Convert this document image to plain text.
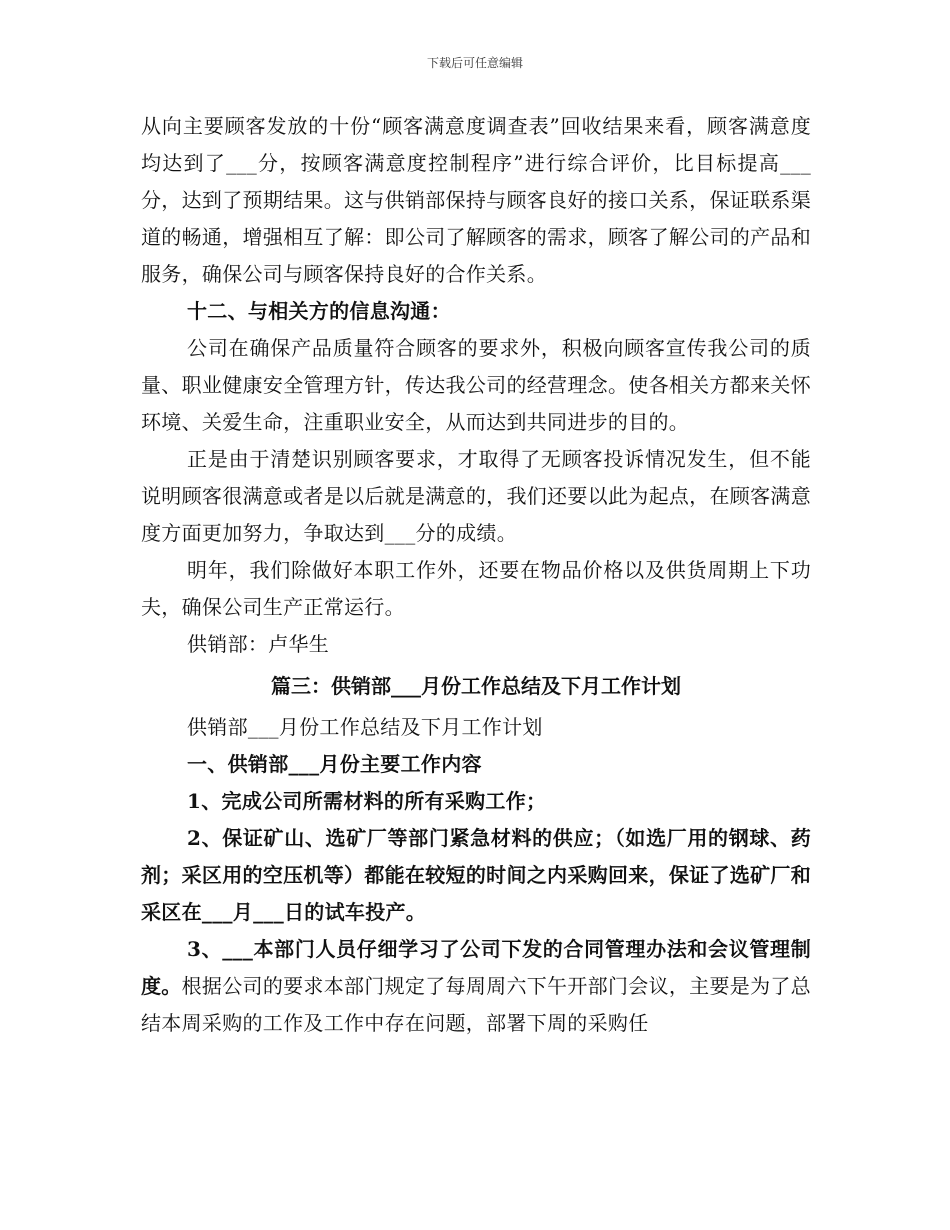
下载后可任意编辑

从向主要顾客发放的十份“顾客满意度调查表”回收结果来看，顾客满意度均达到了___分，按顾客满意度控制程序”进行综合评价，比目标提高___分，达到了预期结果。这与供销部保持与顾客良好的接口关系，保证联系渠道的畅通，增强相互了解：即公司了解顾客的需求，顾客了解公司的产品和服务，确保公司与顾客保持良好的合作关系。

十二、与相关方的信息沟通：

公司在确保产品质量符合顾客的要求外，积极向顾客宣传我公司的质量、职业健康安全管理方针，传达我公司的经营理念。使各相关方都来关怀环境、关爱生命，注重职业安全，从而达到共同进步的目的。

正是由于清楚识别顾客要求，才取得了无顾客投诉情况发生，但不能说明顾客很满意或者是以后就是满意的，我们还要以此为起点，在顾客满意度方面更加努力，争取达到___分的成绩。

明年，我们除做好本职工作外，还要在物品价格以及供货周期上下功夫，确保公司生产正常运行。

供销部：卢华生

篇三：供销部___月份工作总结及下月工作计划

供销部___月份工作总结及下月工作计划

一、供销部___月份主要工作内容

1、完成公司所需材料的所有采购工作；

2、保证矿山、选矿厂等部门紧急材料的供应；（如选厂用的钢球、药剂；采区用的空压机等）都能在较短的时间之内采购回来，保证了选矿厂和采区在___月___日的试车投产。

3、___本部门人员仔细学习了公司下发的合同管理办法和会议管理制度。根据公司的要求本部门规定了每周周六下午开部门会议，主要是为了总结本周采购的工作及工作中存在问题，部署下周的采购任
